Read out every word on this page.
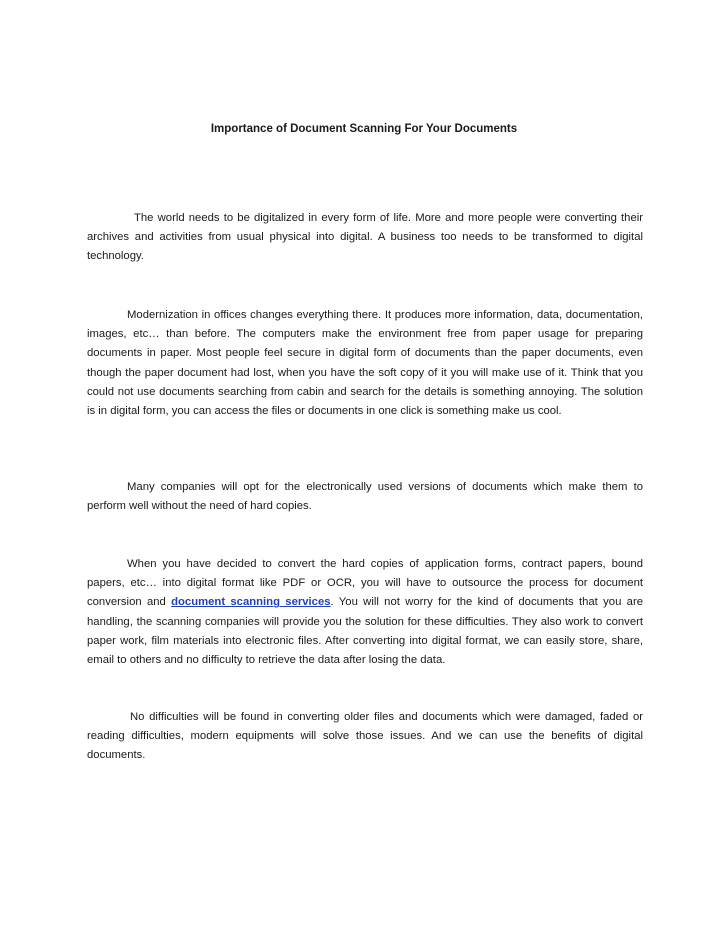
Importance of Document Scanning For Your Documents

The world needs to be digitalized in every form of life. More and more people were converting their archives and activities from usual physical into digital. A business too needs to be transformed to digital technology.

Modernization in offices changes everything there. It produces more information, data, documentation, images, etc… than before. The computers make the environment free from paper usage for preparing documents in paper. Most people feel secure in digital form of documents than the paper documents, even though the paper document had lost, when you have the soft copy of it you will make use of it. Think that you could not use documents searching from cabin and search for the details is something annoying. The solution is in digital form, you can access the files or documents in one click is something make us cool.

Many companies will opt for the electronically used versions of documents which make them to perform well without the need of hard copies.

When you have decided to convert the hard copies of application forms, contract papers, bound papers, etc… into digital format like PDF or OCR, you will have to outsource the process for document conversion and document scanning services. You will not worry for the kind of documents that you are handling, the scanning companies will provide you the solution for these difficulties. They also work to convert paper work, film materials into electronic files. After converting into digital format, we can easily store, share, email to others and no difficulty to retrieve the data after losing the data.

No difficulties will be found in converting older files and documents which were damaged, faded or reading difficulties, modern equipments will solve those issues. And we can use the benefits of digital documents.
